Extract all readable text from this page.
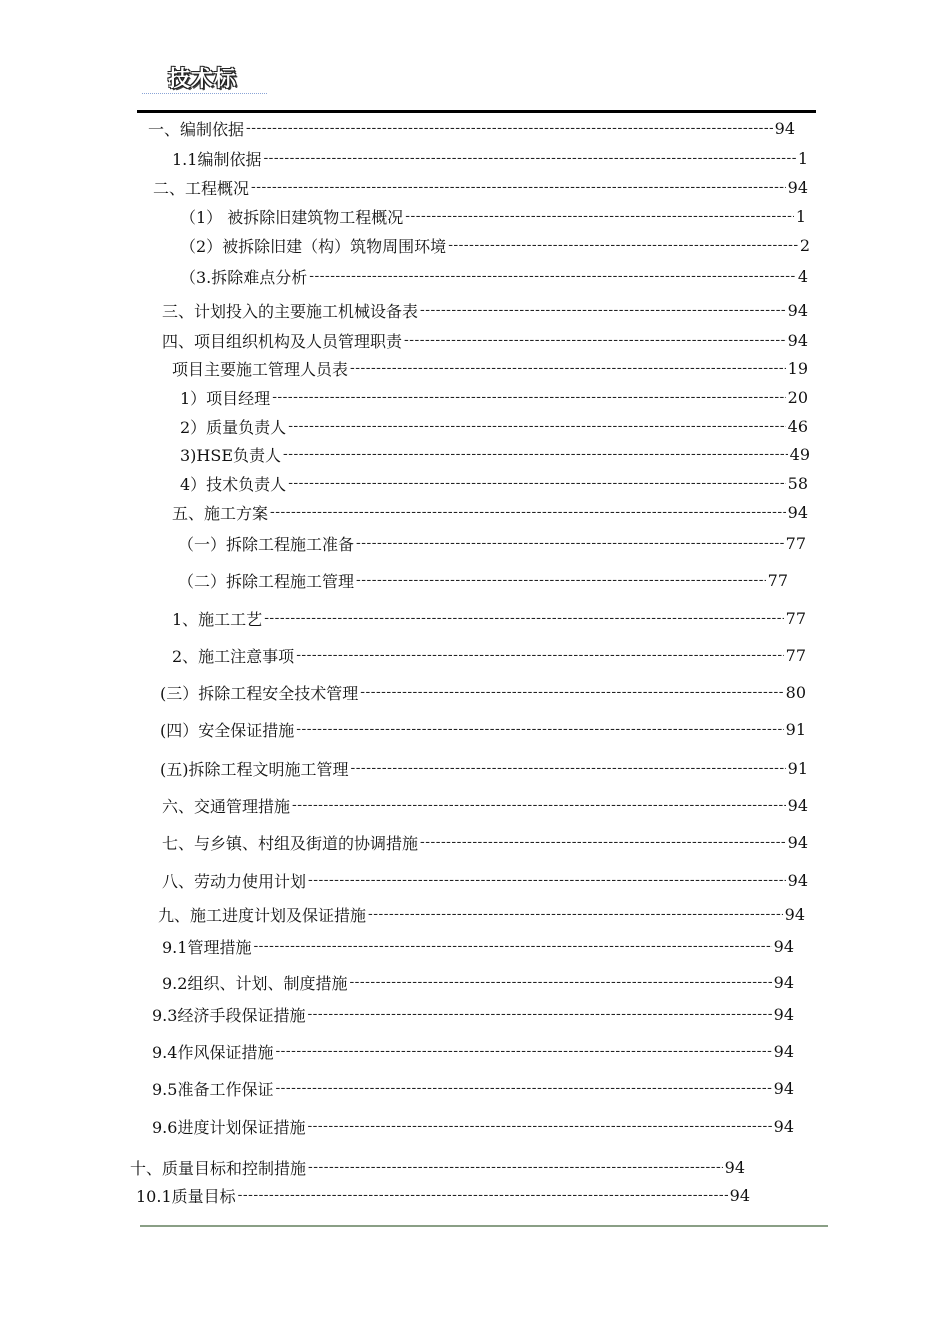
技术标
一、编制依据 -----	94
1.1编制依据 -----	1
二、工程概况 -----	94
（1） 被拆除旧建筑物工程概况 -----	1
（2）被拆除旧建（构）筑物周围环境 -----	2
（3.拆除难点分析 -----	4
三、计划投入的主要施工机械设备表 -----	94
四、项目组织机构及人员管理职责 -----	94
项目主要施工管理人员表 -----	19
1）项目经理 -----	20
2）质量负责人 -----	46
3)HSE负责人 -----	49
4）技术负责人 -----	58
五、施工方案 -----	94
（一）拆除工程施工准备 -----	77
（二）拆除工程施工管理 -----	77
1、施工工艺 -----	77
2、施工注意事项 -----	77
(三）拆除工程安全技术管理 -----	80
(四）安全保证措施 -----	91
(五)拆除工程文明施工管理 -----	91
六、交通管理措施 -----	94
七、与乡镇、村组及街道的协调措施 -----	94
八、劳动力使用计划 -----	94
九、施工进度计划及保证措施 -----	94
9.1管理措施 -----	94
9.2组织、计划、制度措施 -----	94
9.3经济手段保证措施 -----	94
9.4作风保证措施 -----	94
9.5准备工作保证 -----	94
9.6进度计划保证措施 -----	94
十、质量目标和控制措施 -----	94
10.1质量目标 -----	94
